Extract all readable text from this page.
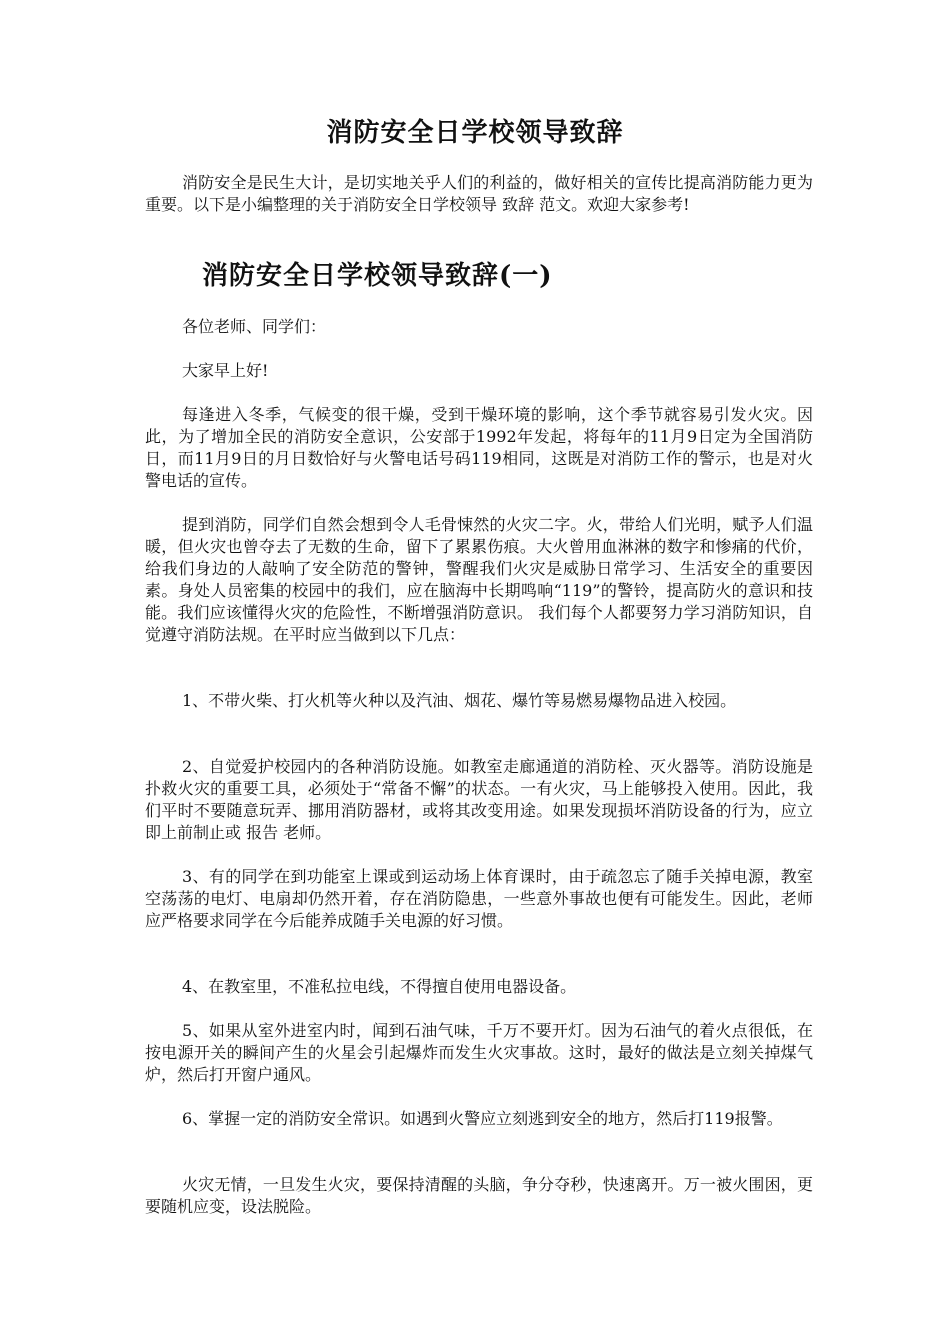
消防安全日学校领导致辞

消防安全是民生大计，是切实地关乎人们的利益的，做好相关的宣传比提高消防能力更为重要。以下是小编整理的关于消防安全日学校领导 致辞 范文。欢迎大家参考!

消防安全日学校领导致辞(一)

各位老师、同学们：

大家早上好!

每逢进入冬季，气候变的很干燥，受到干燥环境的影响，这个季节就容易引发火灾。因此，为了增加全民的消防安全意识，公安部于1992年发起，将每年的11月9日定为全国消防日，而11月9日的月日数恰好与火警电话号码119相同，这既是对消防工作的警示，也是对火警电话的宣传。

提到消防，同学们自然会想到令人毛骨悚然的火灾二字。火，带给人们光明，赋予人们温暖，但火灾也曾夺去了无数的生命，留下了累累伤痕。大火曾用血淋淋的数字和惨痛的代价，给我们身边的人敲响了安全防范的警钟，警醒我们火灾是威胁日常学习、生活安全的重要因素。身处人员密集的校园中的我们，应在脑海中长期鸣响“119”的警铃，提高防火的意识和技能。我们应该懂得火灾的危险性，不断增强消防意识。 我们每个人都要努力学习消防知识，自觉遵守消防法规。在平时应当做到以下几点：

1、不带火柴、打火机等火种以及汽油、烟花、爆竹等易燃易爆物品进入校园。

2、自觉爱护校园内的各种消防设施。如教室走廊通道的消防栓、灭火器等。消防设施是扑救火灾的重要工具，必须处于“常备不懈”的状态。一有火灾，马上能够投入使用。因此，我们平时不要随意玩弄、挪用消防器材，或将其改变用途。如果发现损坏消防设备的行为，应立即上前制止或 报告 老师。

3、有的同学在到功能室上课或到运动场上体育课时，由于疏忽忘了随手关掉电源，教室空荡荡的电灯、电扇却仍然开着，存在消防隐患，一些意外事故也便有可能发生。因此，老师应严格要求同学在今后能养成随手关电源的好习惯。

4、在教室里，不准私拉电线，不得擅自使用电器设备。

5、如果从室外进室内时，闻到石油气味，千万不要开灯。因为石油气的着火点很低，在按电源开关的瞬间产生的火星会引起爆炸而发生火灾事故。这时，最好的做法是立刻关掉煤气炉，然后打开窗户通风。

6、掌握一定的消防安全常识。如遇到火警应立刻逃到安全的地方，然后打119报警。

火灾无情，一旦发生火灾，要保持清醒的头脑，争分夺秒，快速离开。万一被火围困，更要随机应变，设法脱险。
